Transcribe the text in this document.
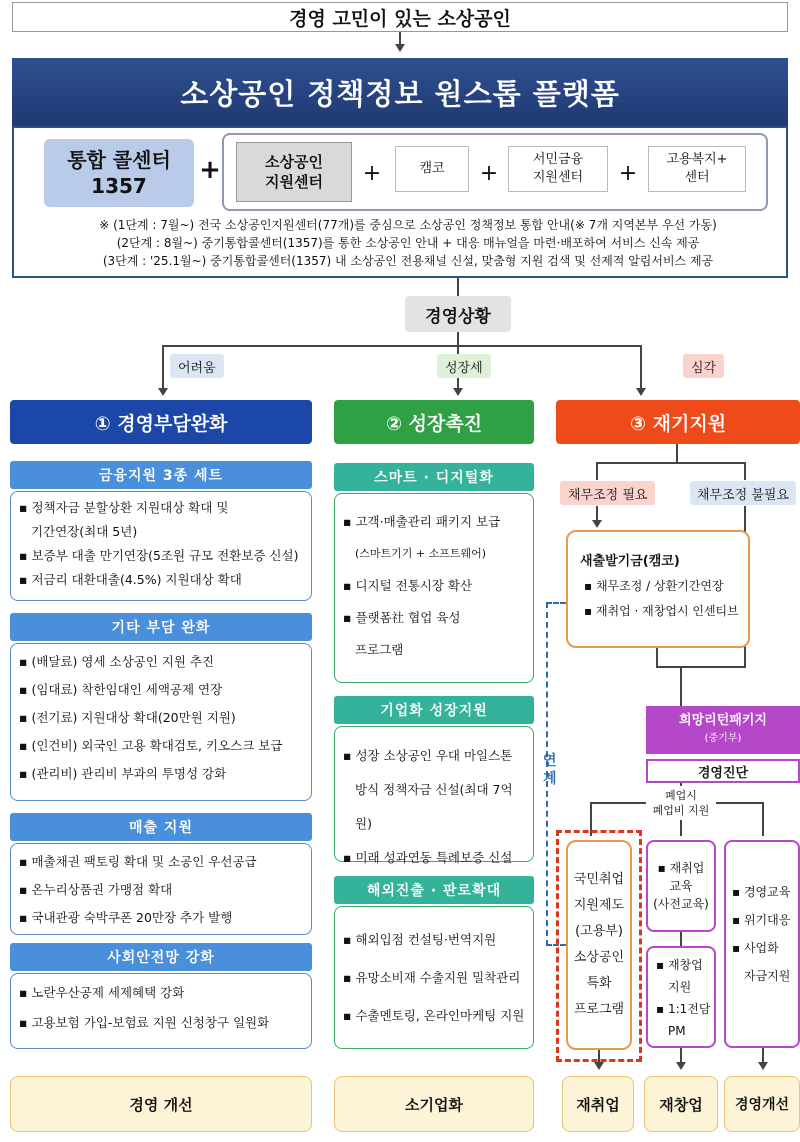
경영 고민이 있는 소상공인
소상공인 정책정보 원스톱 플랫폼
통합 콜센터
1357
+	소상공인
지원센터 +	캠코 +
서민금융
지원센터 +
고용복지+
센터
※ (1단계 : 7월~) 전국 소상공인지원센터(77개)를 중심으로 소상공인 정책정보 통합 안내(※ 7개 지역본부 우선 가동)
(2단계 : 8월~) 중기통합콜센터(1357)를 통한 소상공인 안내 + 대응 매뉴얼을 마련·배포하여 서비스 신속 제공
(3단계 : '25.1월~) 중기통합콜센터(1357) 내 소상공인 전용채널 신설, 맞춤형 지원 검색 및 선제적 알림서비스 제공
경영상황
어려움	성장세	심각
① 경영부담완화	② 성장촉진	③ 재기지원
금융지원 3종 세트
▪ 정책자금 분할상환 지원대상 확대 및
기간연장(최대 5년)
▪ 보증부 대출 만기연장(5조원 규모 전환보증 신설)
▪ 저금리 대환대출(4.5%) 지원대상 확대
기타 부담 완화
▪ (배달료) 영세 소상공인 지원 추진
▪ (임대료) 착한임대인 세액공제 연장
▪ (전기료) 지원대상 확대(20만원 지원)
▪ (인건비) 외국인 고용 확대검토, 키오스크 보급
▪ (관리비) 관리비 부과의 투명성 강화
매출 지원
▪ 매출채권 팩토링 확대 및 소공인 우선공급
▪ 온누리상품권 가맹점 확대
▪ 국내관광 숙박쿠폰 20만장 추가 발행
사회안전망 강화
▪ 노란우산공제 세제혜택 강화
▪ 고용보험 가입-보험료 지원 신청창구 일원화
경영 개선
스마트 · 디지털화
▪ 고객·매출관리 패키지 보급
(스마트기기 + 소프트웨어)
▪ 디지털 전통시장 확산
▪ 플랫폼社 협업 육성
프로그램
기업화 성장지원
▪ 성장 소상공인 우대 마일스톤
방식 정책자금 신설(최대 7억원)
▪ 미래 성과연동 특례보증 신설
해외진출 · 판로확대
▪ 해외입점 컨설팅·번역지원
▪ 유망소비재 수출지원 밀착관리
▪ 수출멘토링, 온라인마케팅 지원
소기업화
채무조정 필요	채무조정 불필요
새출발기금(캠코)
▪ 채무조정 / 상환기간연장
▪ 재취업 · 재창업시 인센티브
연계
희망리턴패키지
(중기부)
경영진단
폐업시
폐업비 지원
국민취업
지원제도
(고용부)
소상공인
특화
프로그램
▪ 재취업
교육
(사전교육)
▪ 재창업
지원
▪ 1:1전담
PM
▪ 경영교육
▪ 위기대응
▪ 사업화
자금지원
재취업	재창업	경영개선
